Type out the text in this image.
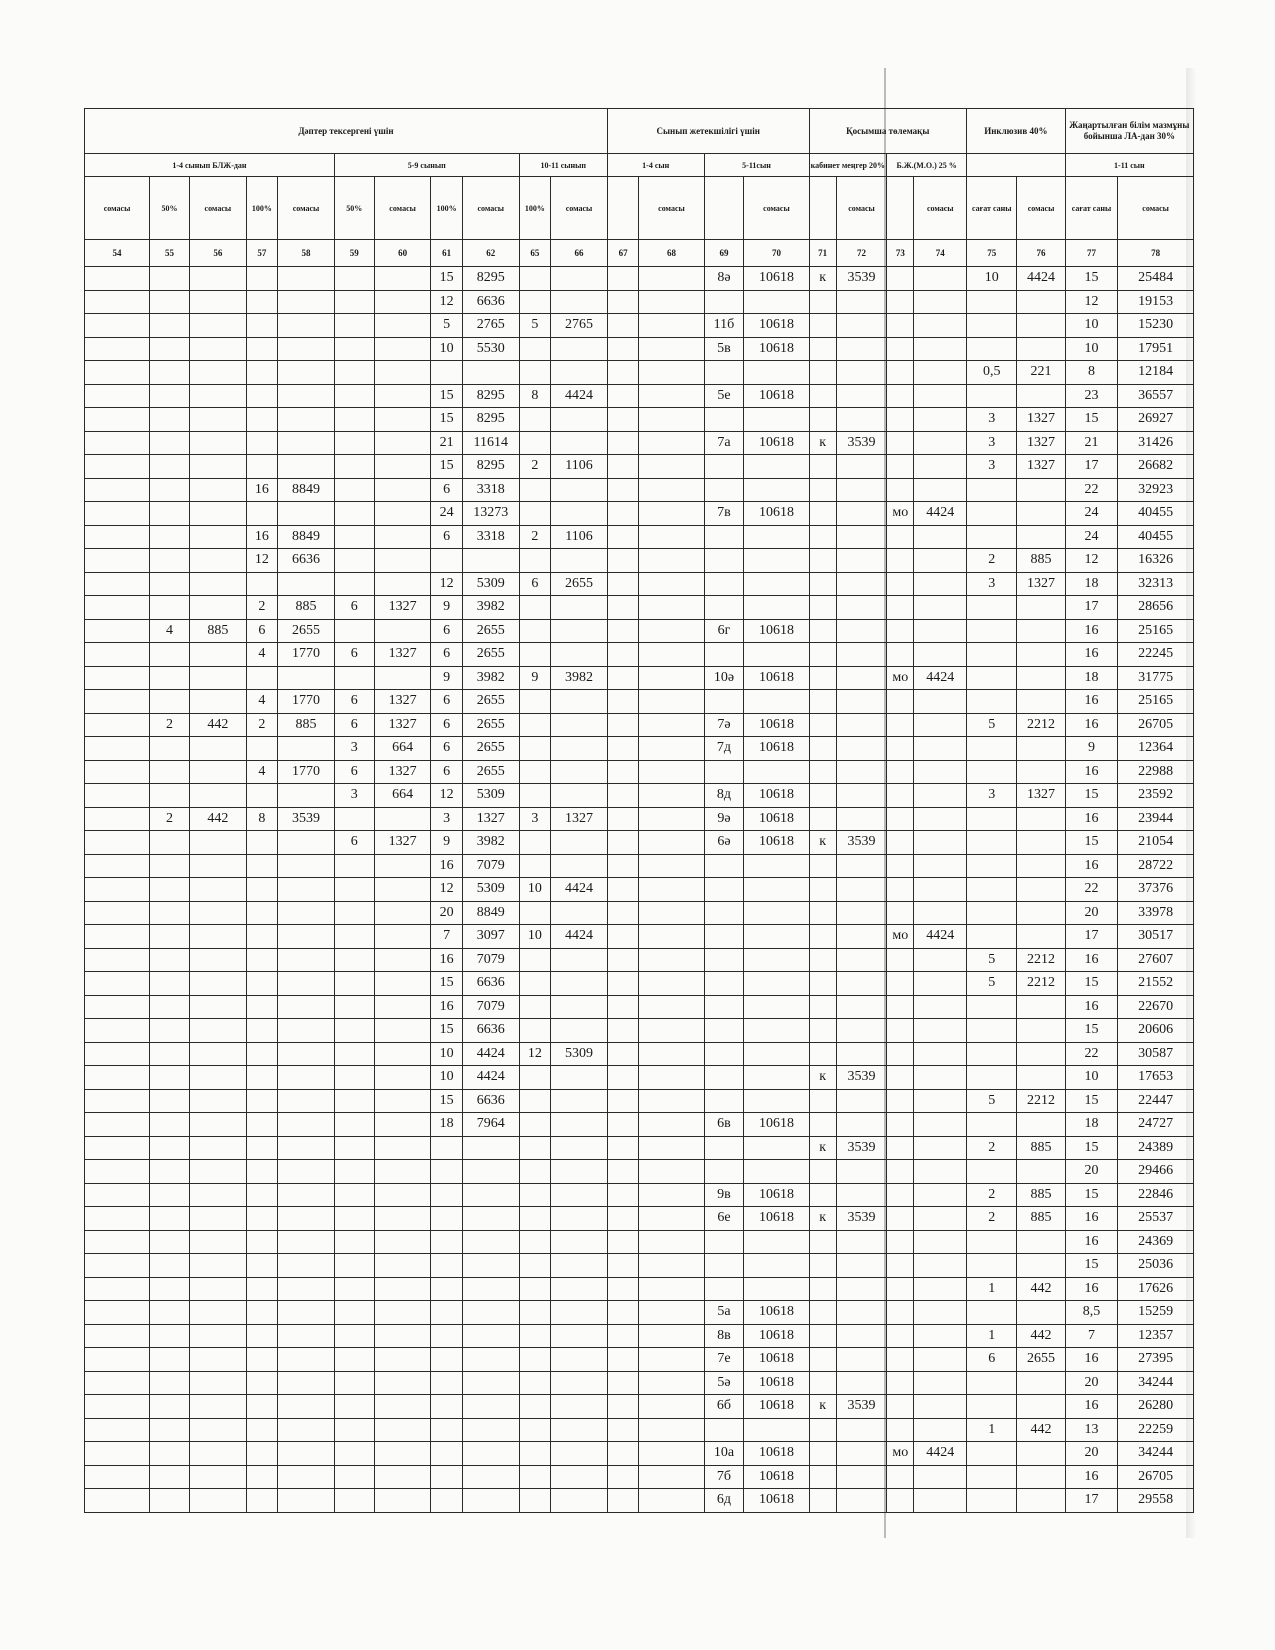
Дәптер тексергені үшін											Сынып жетекшілігі үшін				Қосымша төлемақы				Инклюзив 40%		Жаңартылған білім мазмұны бойынша ЛА-дан 30%	
1-4 сынып БЛЖ-дан					5-9 сынып				10-11 сынып		1-4 сын		5-11сын		кабинет меңгер 20%		Б.Ж.(М.О.) 25 %				1-11 сын	
сомасы	50%	сомасы	100%	сомасы	50%	сомасы	100%	сомасы	100%	сомасы		сомасы		сомасы		сомасы		сомасы	сағат саны	сомасы	сағат саны	сомасы
54	55	56	57	58	59	60	61	62	65	66	67	68	69	70	71	72	73	74	75	76	77	78
							15	8295					8ә	10618	к	3539			10	4424	15	25484
							12	6636													12	19153
							5	2765	5	2765			11б	10618							10	15230
							10	5530					5в	10618							10	17951
																			0,5	221	8	12184
							15	8295	8	4424			5е	10618							23	36557
							15	8295											3	1327	15	26927
							21	11614					7а	10618	к	3539			3	1327	21	31426
							15	8295	2	1106									3	1327	17	26682
			16	8849			6	3318													22	32923
							24	13273					7в	10618			мо	4424			24	40455
			16	8849			6	3318	2	1106											24	40455
			12	6636															2	885	12	16326
							12	5309	6	2655									3	1327	18	32313
			2	885	6	1327	9	3982													17	28656
	4	885	6	2655			6	2655					6г	10618							16	25165
			4	1770	6	1327	6	2655													16	22245
							9	3982	9	3982			10ә	10618			мо	4424			18	31775
			4	1770	6	1327	6	2655													16	25165
	2	442	2	885	6	1327	6	2655					7ә	10618					5	2212	16	26705
					3	664	6	2655					7д	10618							9	12364
			4	1770	6	1327	6	2655													16	22988
					3	664	12	5309					8д	10618					3	1327	15	23592
	2	442	8	3539			3	1327	3	1327			9ә	10618							16	23944
					6	1327	9	3982					6ә	10618	к	3539					15	21054
							16	7079													16	28722
							12	5309	10	4424											22	37376
							20	8849													20	33978
							7	3097	10	4424							мо	4424			17	30517
							16	7079											5	2212	16	27607
							15	6636											5	2212	15	21552
							16	7079													16	22670
							15	6636													15	20606
							10	4424	12	5309											22	30587
							10	4424							к	3539					10	17653
							15	6636											5	2212	15	22447
							18	7964					6в	10618							18	24727
															к	3539			2	885	15	24389
																					20	29466
													9в	10618					2	885	15	22846
													6е	10618	к	3539			2	885	16	25537
																					16	24369
																					15	25036
																			1	442	16	17626
													5а	10618							8,5	15259
													8в	10618					1	442	7	12357
													7е	10618					6	2655	16	27395
													5ә	10618							20	34244
													6б	10618	к	3539					16	26280
																			1	442	13	22259
													10а	10618			мо	4424			20	34244
													7б	10618							16	26705
													6д	10618							17	29558
